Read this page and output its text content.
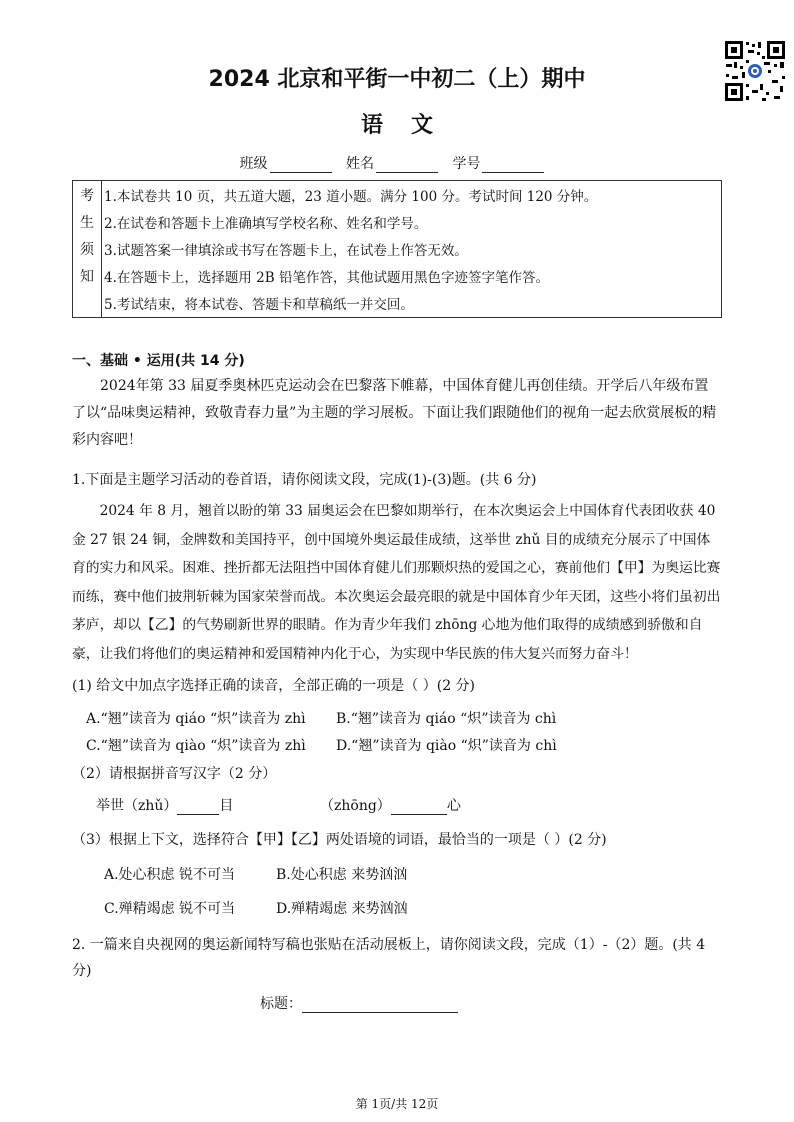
2024 北京和平街一中初二（上）期中
语文
班级	姓名	学号
考
生
须
知
1.本试卷共 10 页，共五道大题，23 道小题。满分 100 分。考试时间 120 分钟。
2.在试卷和答题卡上准确填写学校名称、姓名和学号。
3.试题答案一律填涂或书写在答题卡上，在试卷上作答无效。
4.在答题卡上，选择题用 2B 铅笔作答，其他试题用黑色字迹签字笔作答。
5.考试结束，将本试卷、答题卡和草稿纸一并交回。
一、基础 • 运用(共 14 分)
2024年第 33 届夏季奥林匹克运动会在巴黎落下帷幕，中国体育健儿再创佳绩。开学后八年级布置了以“品味奥运精神，致敬青春力量”为主题的学习展板。下面让我们跟随他们的视角一起去欣赏展板的精彩内容吧！
1.下面是主题学习活动的卷首语，请你阅读文段，完成(1)-(3)题。(共 6 分)
2024 年 8 月，翘首以盼的第 33 届奥运会在巴黎如期举行，在本次奥运会上中国体育代表团收获 40 金 27 银 24 铜，金牌数和美国持平，创中国境外奥运最佳成绩，这举世 zhǔ 目的成绩充分展示了中国体育的实力和风采。困难、挫折都无法阻挡中国体育健儿们那颗炽热的爱国之心，赛前他们【甲】为奥运比赛而练，赛中他们披荆斩棘为国家荣誉而战。本次奥运会最亮眼的就是中国体育少年天团，这些小将们虽初出茅庐，却以【乙】的气势刷新世界的眼睛。作为青少年我们 zhōng 心地为他们取得的成绩感到骄傲和自豪，让我们将他们的奥运精神和爱国精神内化于心，为实现中华民族的伟大复兴而努力奋斗！
(1) 给文中加点字选择正确的读音，全部正确的一项是（ ）(2 分)
A.“翘”读音为 qiáo “炽”读音为 zhì B.“翘”读音为 qiáo “炽”读音为 chì
C.“翘”读音为 qiào “炽”读音为 zhì D.“翘”读音为 qiào “炽”读音为 chì
（2）请根据拼音写汉字（2 分）
举世（zhǔ）	目	（zhōng）	心
（3）根据上下文，选择符合【甲】【乙】两处语境的词语，最恰当的一项是（ ）(2 分)
A.处心积虑 锐不可当	B.处心积虑 来势汹汹
C.殚精竭虑 锐不可当	D.殚精竭虑 来势汹汹
2. 一篇来自央视网的奥运新闻特写稿也张贴在活动展板上，请你阅读文段，完成（1）-（2）题。(共 4 分)
标题：
第 1页/共 12页
